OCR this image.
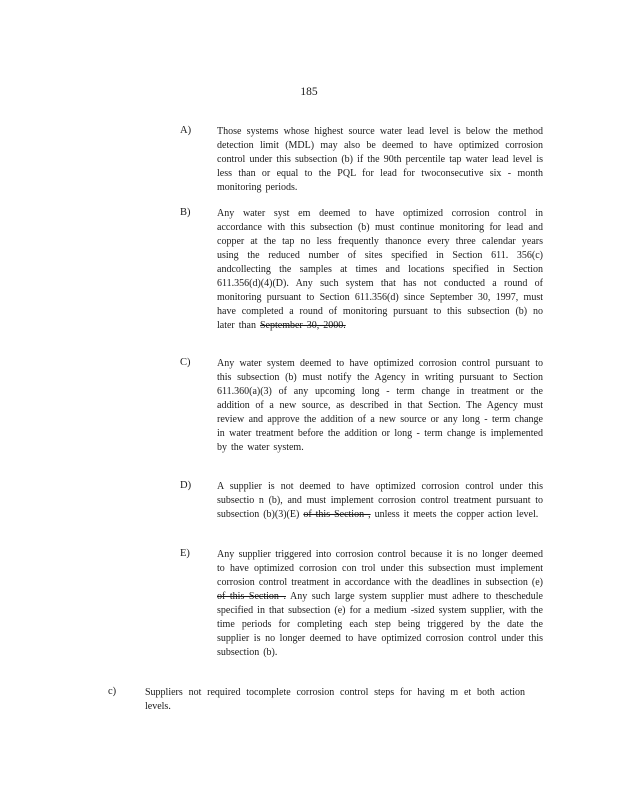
185
A)	Those systems whose highest source water lead level is below the method detection limit (MDL) may also be deemed to have optimized corrosion control under this subsection (b) if the 90th percentile tap water lead level is less than or equal to the PQL for lead for twoconsecutive six - month monitoring periods.
B)	Any water syst em deemed to have optimized corrosion control in accordance with this subsection (b) must continue monitoring for lead and copper at the tap no less frequently thanonce every three calendar years using the reduced number of sites specified in Section 611. 356(c) andcollecting the samples at times and locations specified in Section 611.356(d)(4)(D). Any such system that has not conducted a round of monitoring pursuant to Section 611.356(d) since September 30, 1997, must have completed a round of monitoring pursuant to this subsection (b) no later than September 30, 2000.
C)	Any water system deemed to have optimized corrosion control pursuant to this subsection (b) must notify the Agency in writing pursuant to Section 611.360(a)(3) of any upcoming long - term change in treatment or the addition of a new source, as described in that Section. The Agency must review and approve the addition of a new source or any long - term change in water treatment before the addition or long - term change is implemented by the water system.
D)	A supplier is not deemed to have optimized corrosion control under this subsectio n (b), and must implement corrosion control treatment pursuant to subsection (b)(3)(E) of this Section , unless it meets the copper action level.
E)	Any supplier triggered into corrosion control because it is no longer deemed to have optimized corrosion con trol under this subsection must implement corrosion control treatment in accordance with the deadlines in subsection (e) of this Section . Any such large system supplier must adhere to theschedule specified in that subsection (e) for a medium -sized system supplier, with the time periods for completing each step being triggered by the date the supplier is no longer deemed to have optimized corrosion control under this subsection (b).
c)	Suppliers not required tocomplete corrosion control steps for having m et both action levels.
